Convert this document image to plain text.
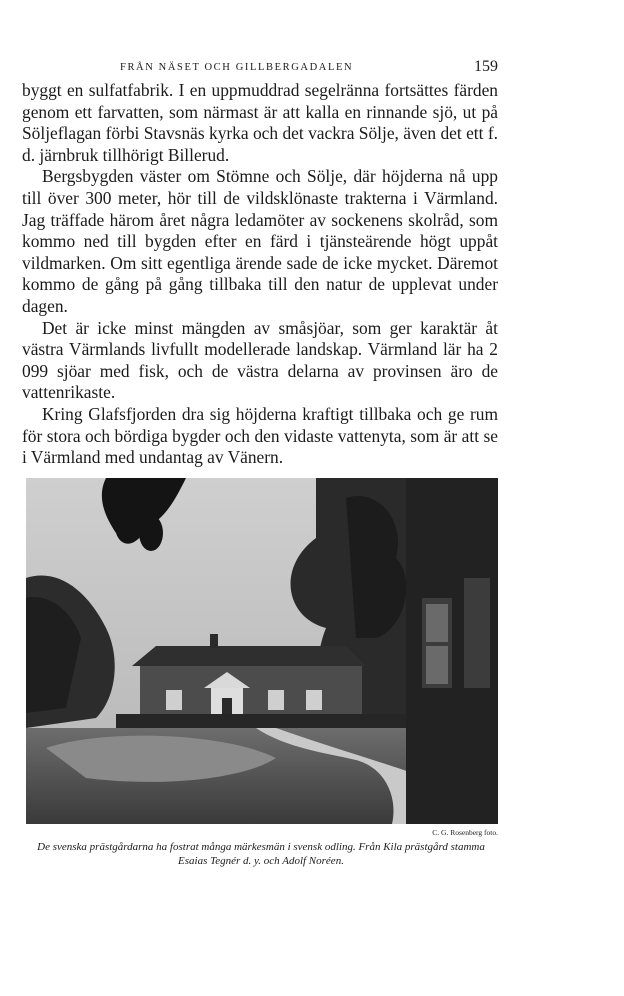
FRÅN NÄSET OCH GILLBERGADALEN	159

byggt en sulfatfabrik. I en uppmuddrad segelränna fortsättes färden genom ett farvatten, som närmast är att kalla en rinnande sjö, ut på Söljeflagan förbi Stavsnäs kyrka och det vackra Sölje, även det ett f. d. järnbruk tillhörigt Billerud.

Bergsbygden väster om Stömne och Sölje, där höjderna nå upp till över 300 meter, hör till de vildsklönaste trakterna i Värmland. Jag träffade härom året några ledamöter av sockenens skolråd, som kommo ned till bygden efter en färd i tjänsteärende högt uppåt vildmarken. Om sitt egentliga ärende sade de icke mycket. Däremot kommo de gång på gång tillbaka till den natur de upplevat under dagen.

Det är icke minst mängden av småsjöar, som ger karaktär åt västra Värmlands livfullt modellerade landskap. Värmland lär ha 2 099 sjöar med fisk, och de västra delarna av provinsen äro de vattenrikaste.

Kring Glafsfjorden dra sig höjderna kraftigt tillbaka och ge rum för stora och bördiga bygder och den vidaste vattenyta, som är att se i Värmland med undantag av Vänern.

C. G. Rosenberg foto.
De svenska prästgårdarna ha fostrat många märkesmän i svensk odling. Från Kila prästgård stamma Esaias Tegnér d. y. och Adolf Noréen.
